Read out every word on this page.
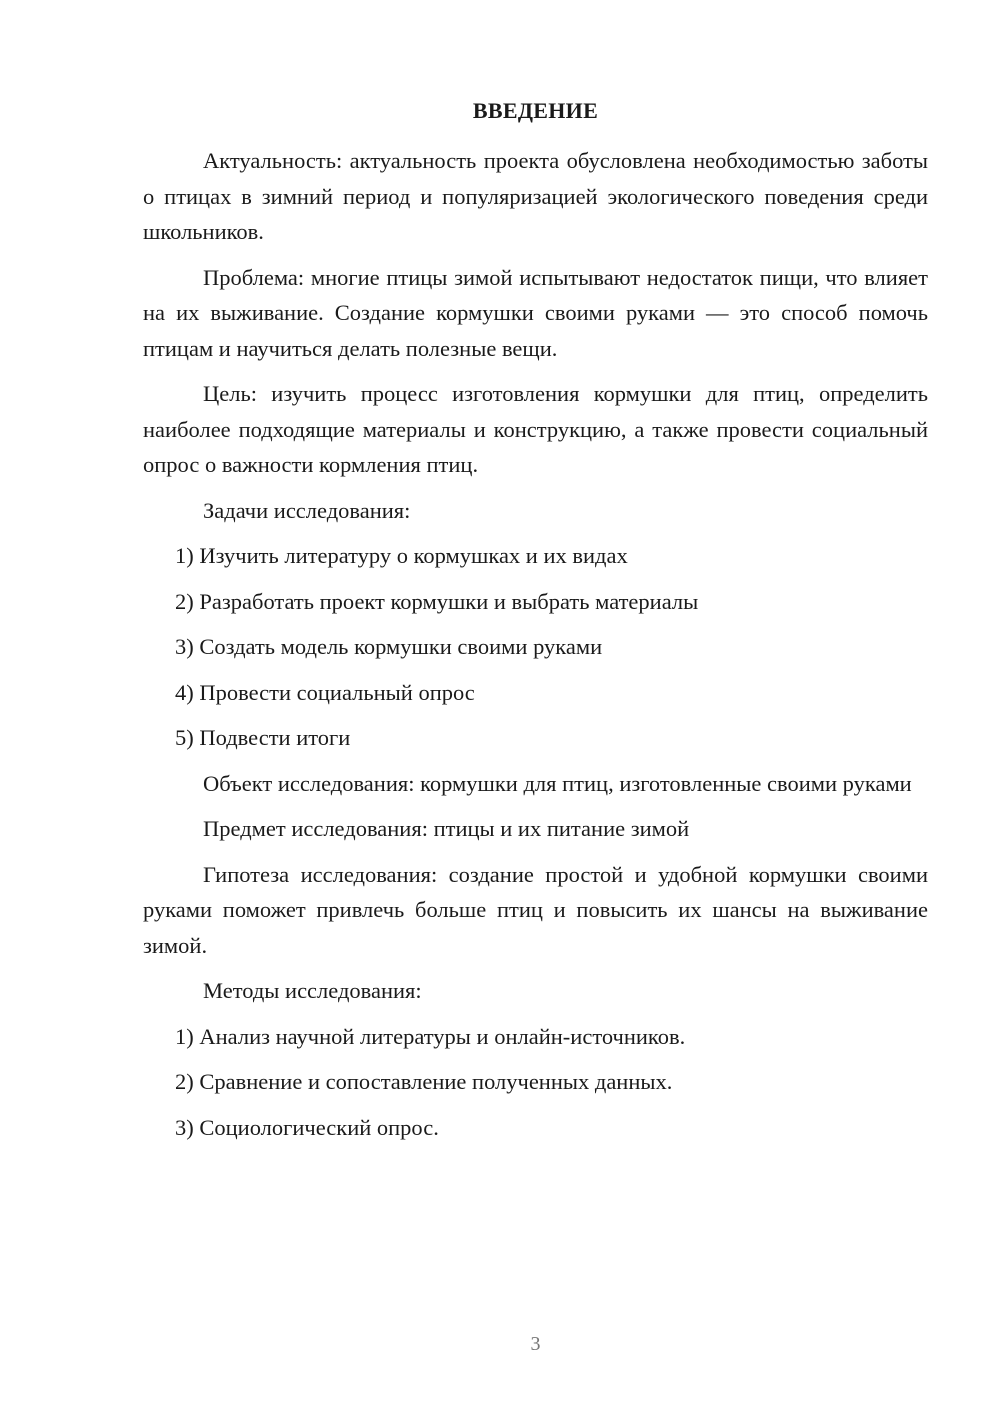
ВВЕДЕНИЕ

Актуальность: актуальность проекта обусловлена необходимостью заботы о птицах в зимний период и популяризацией экологического поведения среди школьников.

Проблема: многие птицы зимой испытывают недостаток пищи, что влияет на их выживание. Создание кормушки своими руками — это способ помочь птицам и научиться делать полезные вещи.

Цель: изучить процесс изготовления кормушки для птиц, определить наиболее подходящие материалы и конструкцию, а также провести социальный опрос о важности кормления птиц.

Задачи исследования:

1) Изучить литературу о кормушках и их видах

2) Разработать проект кормушки и выбрать материалы

3) Создать модель кормушки своими руками

4) Провести социальный опрос

5) Подвести итоги

Объект исследования: кормушки для птиц, изготовленные своими руками

Предмет исследования: птицы и их питание зимой

Гипотеза исследования: создание простой и удобной кормушки своими руками поможет привлечь больше птиц и повысить их шансы на выживание зимой.

Методы исследования:

1) Анализ научной литературы и онлайн-источников.

2) Сравнение и сопоставление полученных данных.

3) Социологический опрос.

3
